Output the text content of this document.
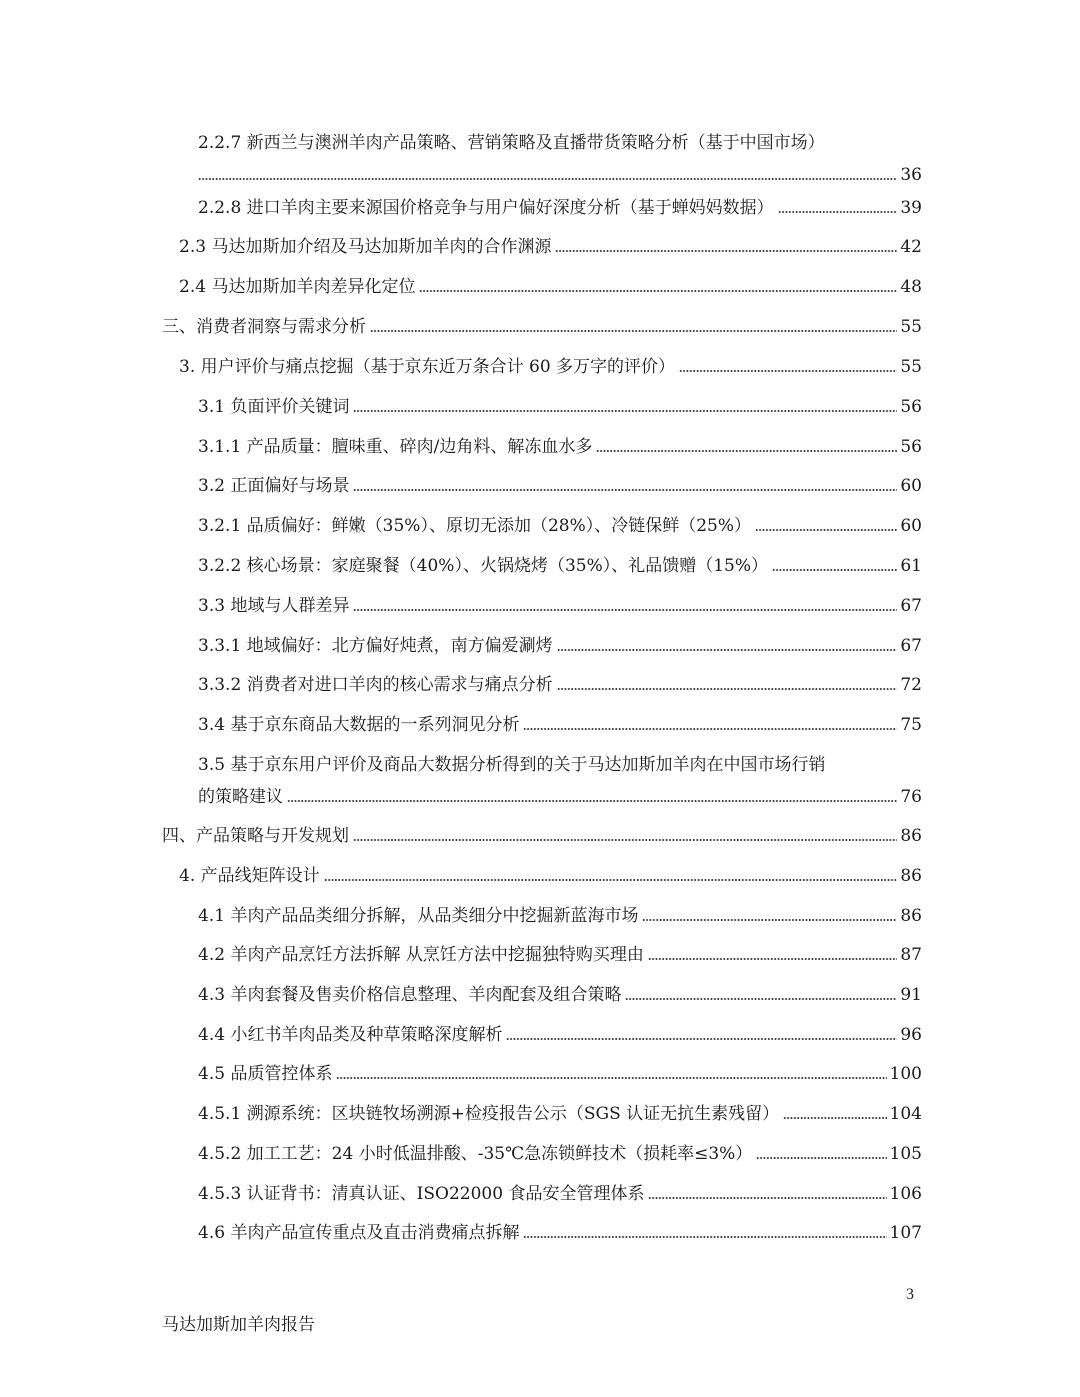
2.2.7 新西兰与澳洲羊肉产品策略、营销策略及直播带货策略分析（基于中国市场）
36
2.2.8 进口羊肉主要来源国价格竞争与用户偏好深度分析（基于蝉妈妈数据）	39
2.3 马达加斯加介绍及马达加斯加羊肉的合作渊源	42
2.4 马达加斯加羊肉差异化定位	48
三、消费者洞察与需求分析	55
3. 用户评价与痛点挖掘（基于京东近万条合计 60 多万字的评价）	55
3.1 负面评价关键词	56
3.1.1 产品质量：膻味重、碎肉/边角料、解冻血水多	56
3.2 正面偏好与场景	60
3.2.1 品质偏好：鲜嫩（35%）、原切无添加（28%）、冷链保鲜（25%）	60
3.2.2 核心场景：家庭聚餐（40%）、火锅烧烤（35%）、礼品馈赠（15%）	61
3.3 地域与人群差异	67
3.3.1 地域偏好：北方偏好炖煮，南方偏爱涮烤	67
3.3.2 消费者对进口羊肉的核心需求与痛点分析	72
3.4 基于京东商品大数据的一系列洞见分析	75
3.5 基于京东用户评价及商品大数据分析得到的关于马达加斯加羊肉在中国市场行销
的策略建议	76
四、产品策略与开发规划	86
4. 产品线矩阵设计	86
4.1 羊肉产品品类细分拆解，从品类细分中挖掘新蓝海市场	86
4.2 羊肉产品烹饪方法拆解 从烹饪方法中挖掘独特购买理由	87
4.3 羊肉套餐及售卖价格信息整理、羊肉配套及组合策略	91
4.4 小红书羊肉品类及种草策略深度解析	96
4.5 品质管控体系	100
4.5.1 溯源系统：区块链牧场溯源+检疫报告公示（SGS 认证无抗生素残留）	104
4.5.2 加工工艺：24 小时低温排酸、-35℃急冻锁鲜技术（损耗率≤3%）	105
4.5.3 认证背书：清真认证、ISO22000 食品安全管理体系	106
4.6 羊肉产品宣传重点及直击消费痛点拆解	107
3
马达加斯加羊肉报告
